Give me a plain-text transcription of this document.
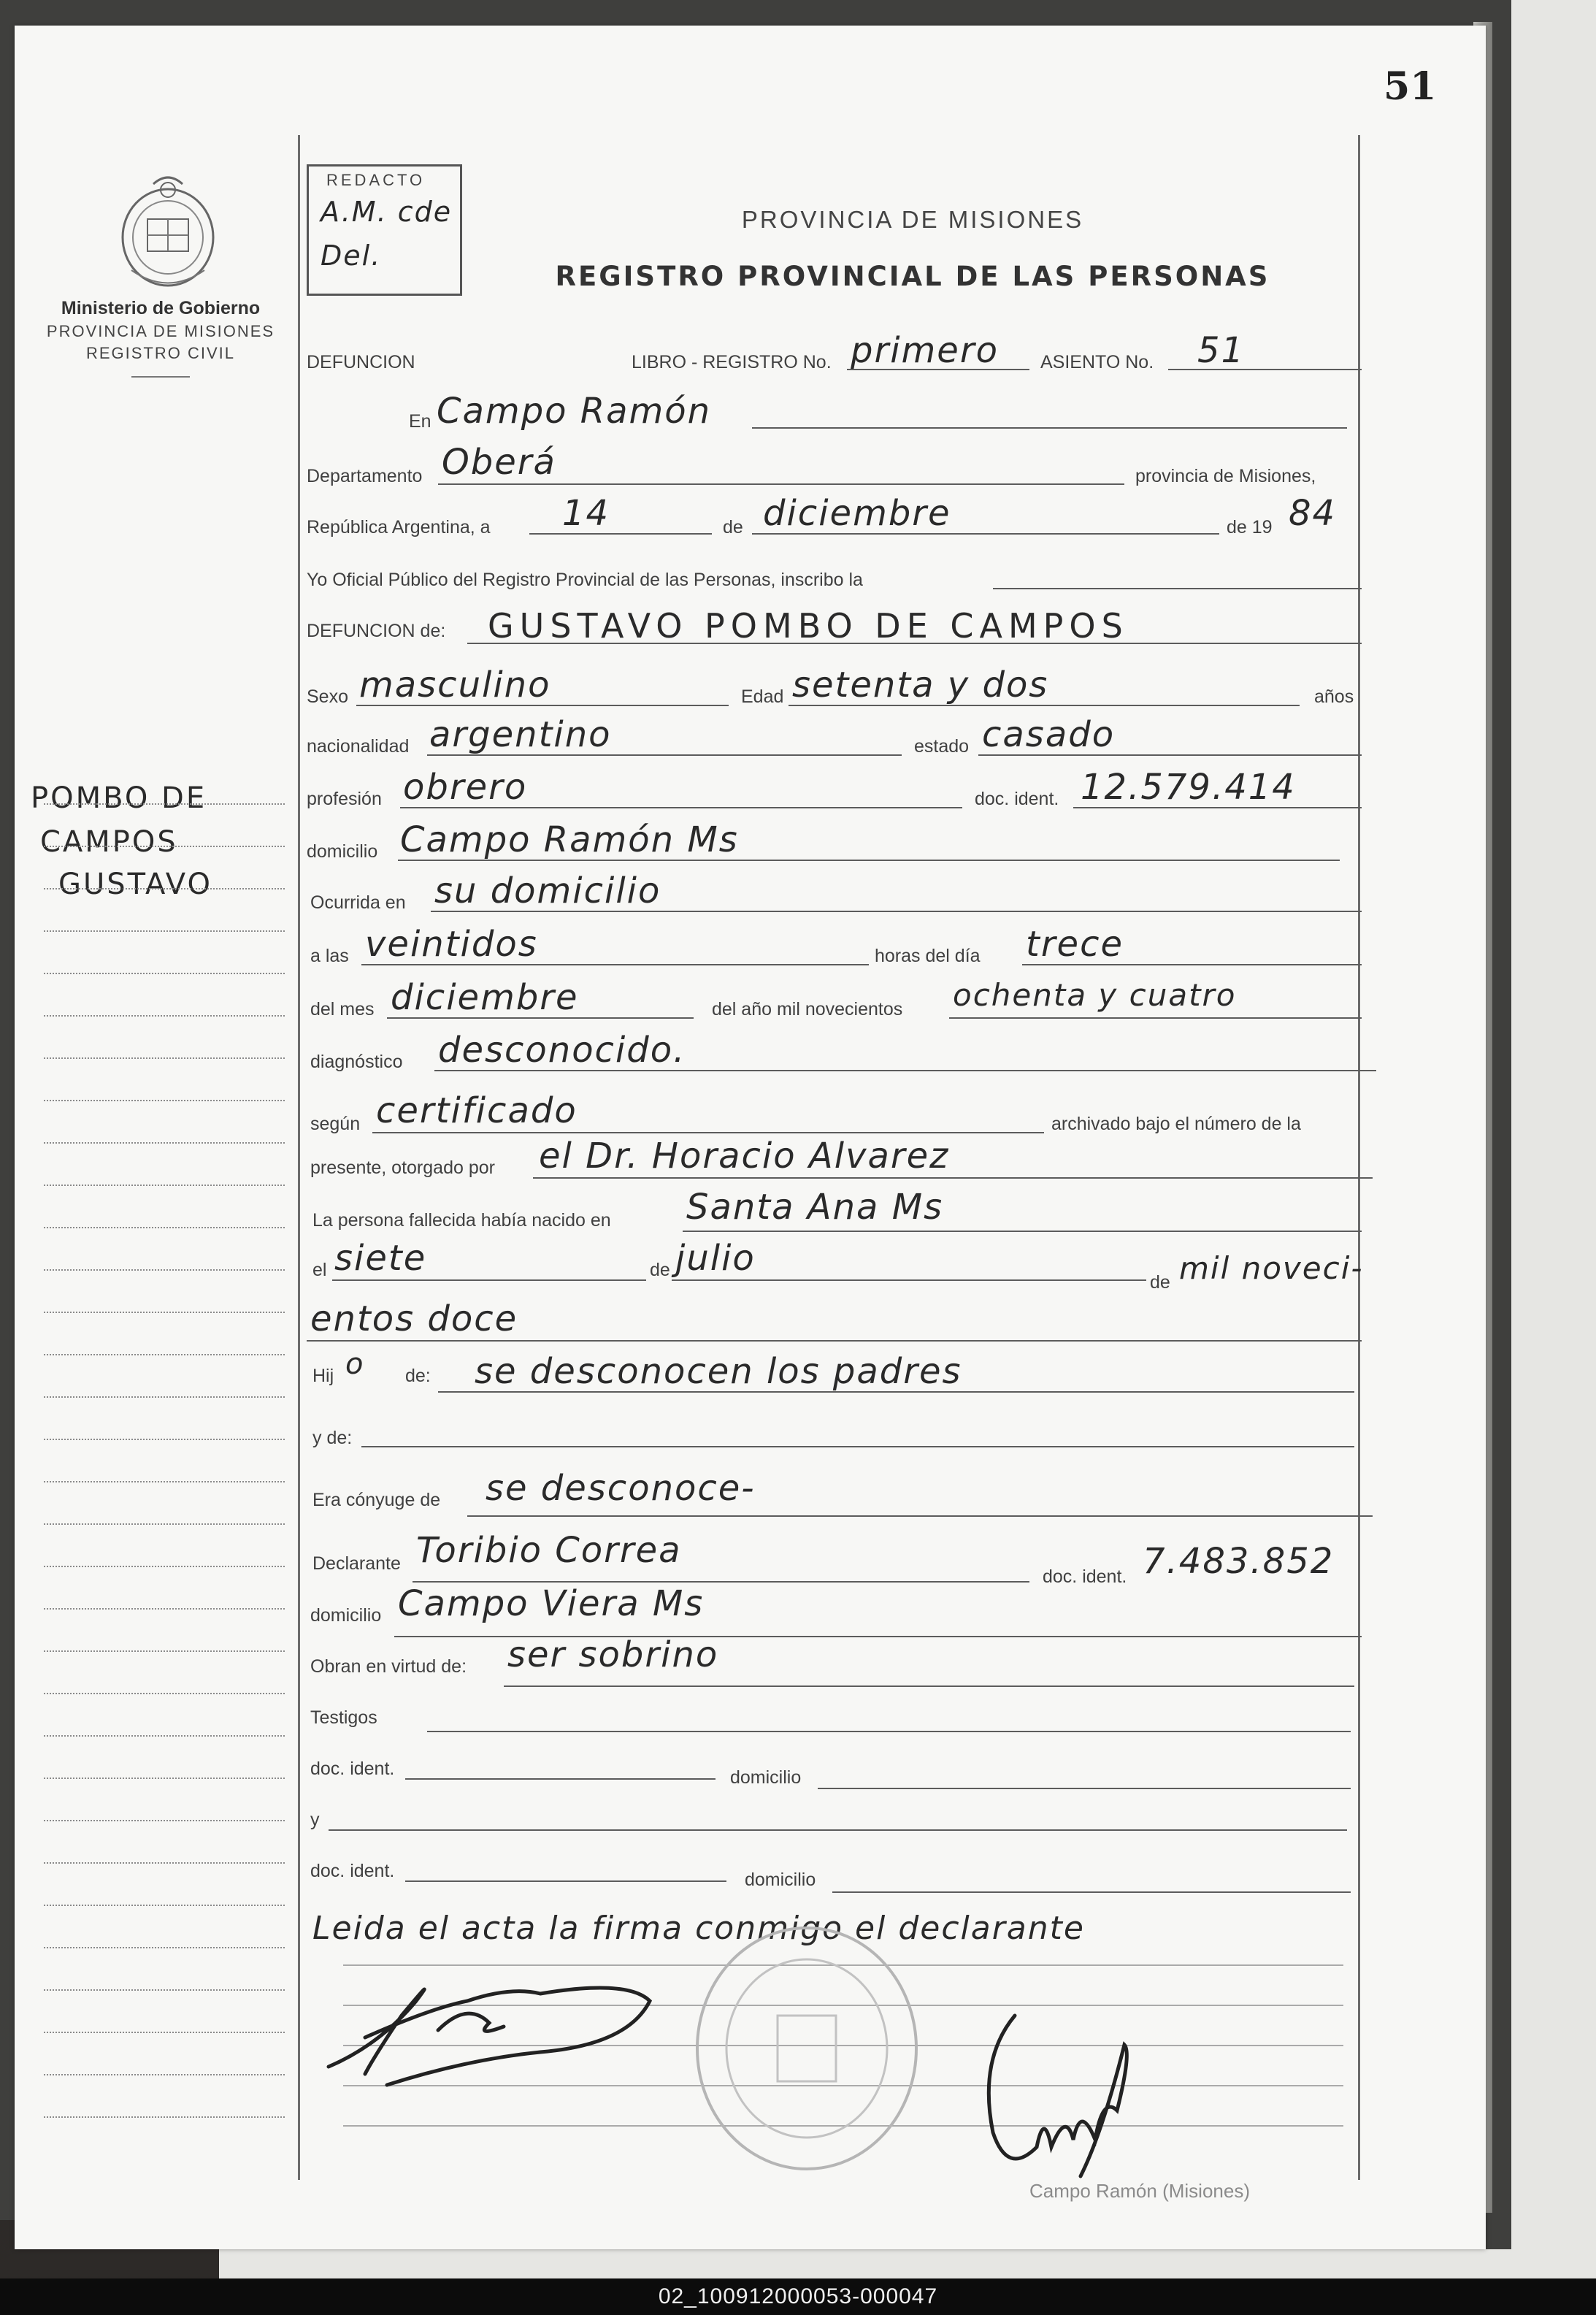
51
Ministerio de Gobierno
PROVINCIA DE MISIONES
REGISTRO CIVIL
REDACTO
A.M. cde
Del.
PROVINCIA DE MISIONES
REGISTRO PROVINCIAL DE LAS PERSONAS
POMBO DE
CAMPOS
GUSTAVO
DEFUNCION	LIBRO - REGISTRO No. primero ASIENTO No. 51
En Campo Ramón
Departamento Oberá	provincia de Misiones,
República Argentina, a 14	de diciembre	de 19 84
Yo Oficial Público del Registro Provincial de las Personas, inscribo la
DEFUNCION de: GUSTAVO POMBO DE CAMPOS
Sexo masculino	Edad setenta y dos	años
nacionalidad argentino	estado casado
profesión obrero	doc. ident. 12.579.414
domicilio Campo Ramón Ms
Ocurrida en su domicilio
a las veintidos	horas del día trece
del mes diciembre	del año mil novecientos ochenta y cuatro
diagnóstico desconocido.
según certificado	archivado bajo el número de la
presente, otorgado por el Dr. Horacio Alvarez
La persona fallecida había nacido en Santa Ana Ms
el siete	de julio
de mil noveci-
entos doce
Hij o de: se desconocen los padres
y de:
Era cónyuge de se desconoce-
Declarante Toribio Correa
doc. ident. 7.483.852
domicilio Campo Viera Ms
Obran en virtud de: ser sobrino
Testigos
doc. ident.	domicilio
y
doc. ident.	domicilio
Leida el acta la firma conmigo el declarante
Campo Ramón (Misiones)
02_100912000053-000047
